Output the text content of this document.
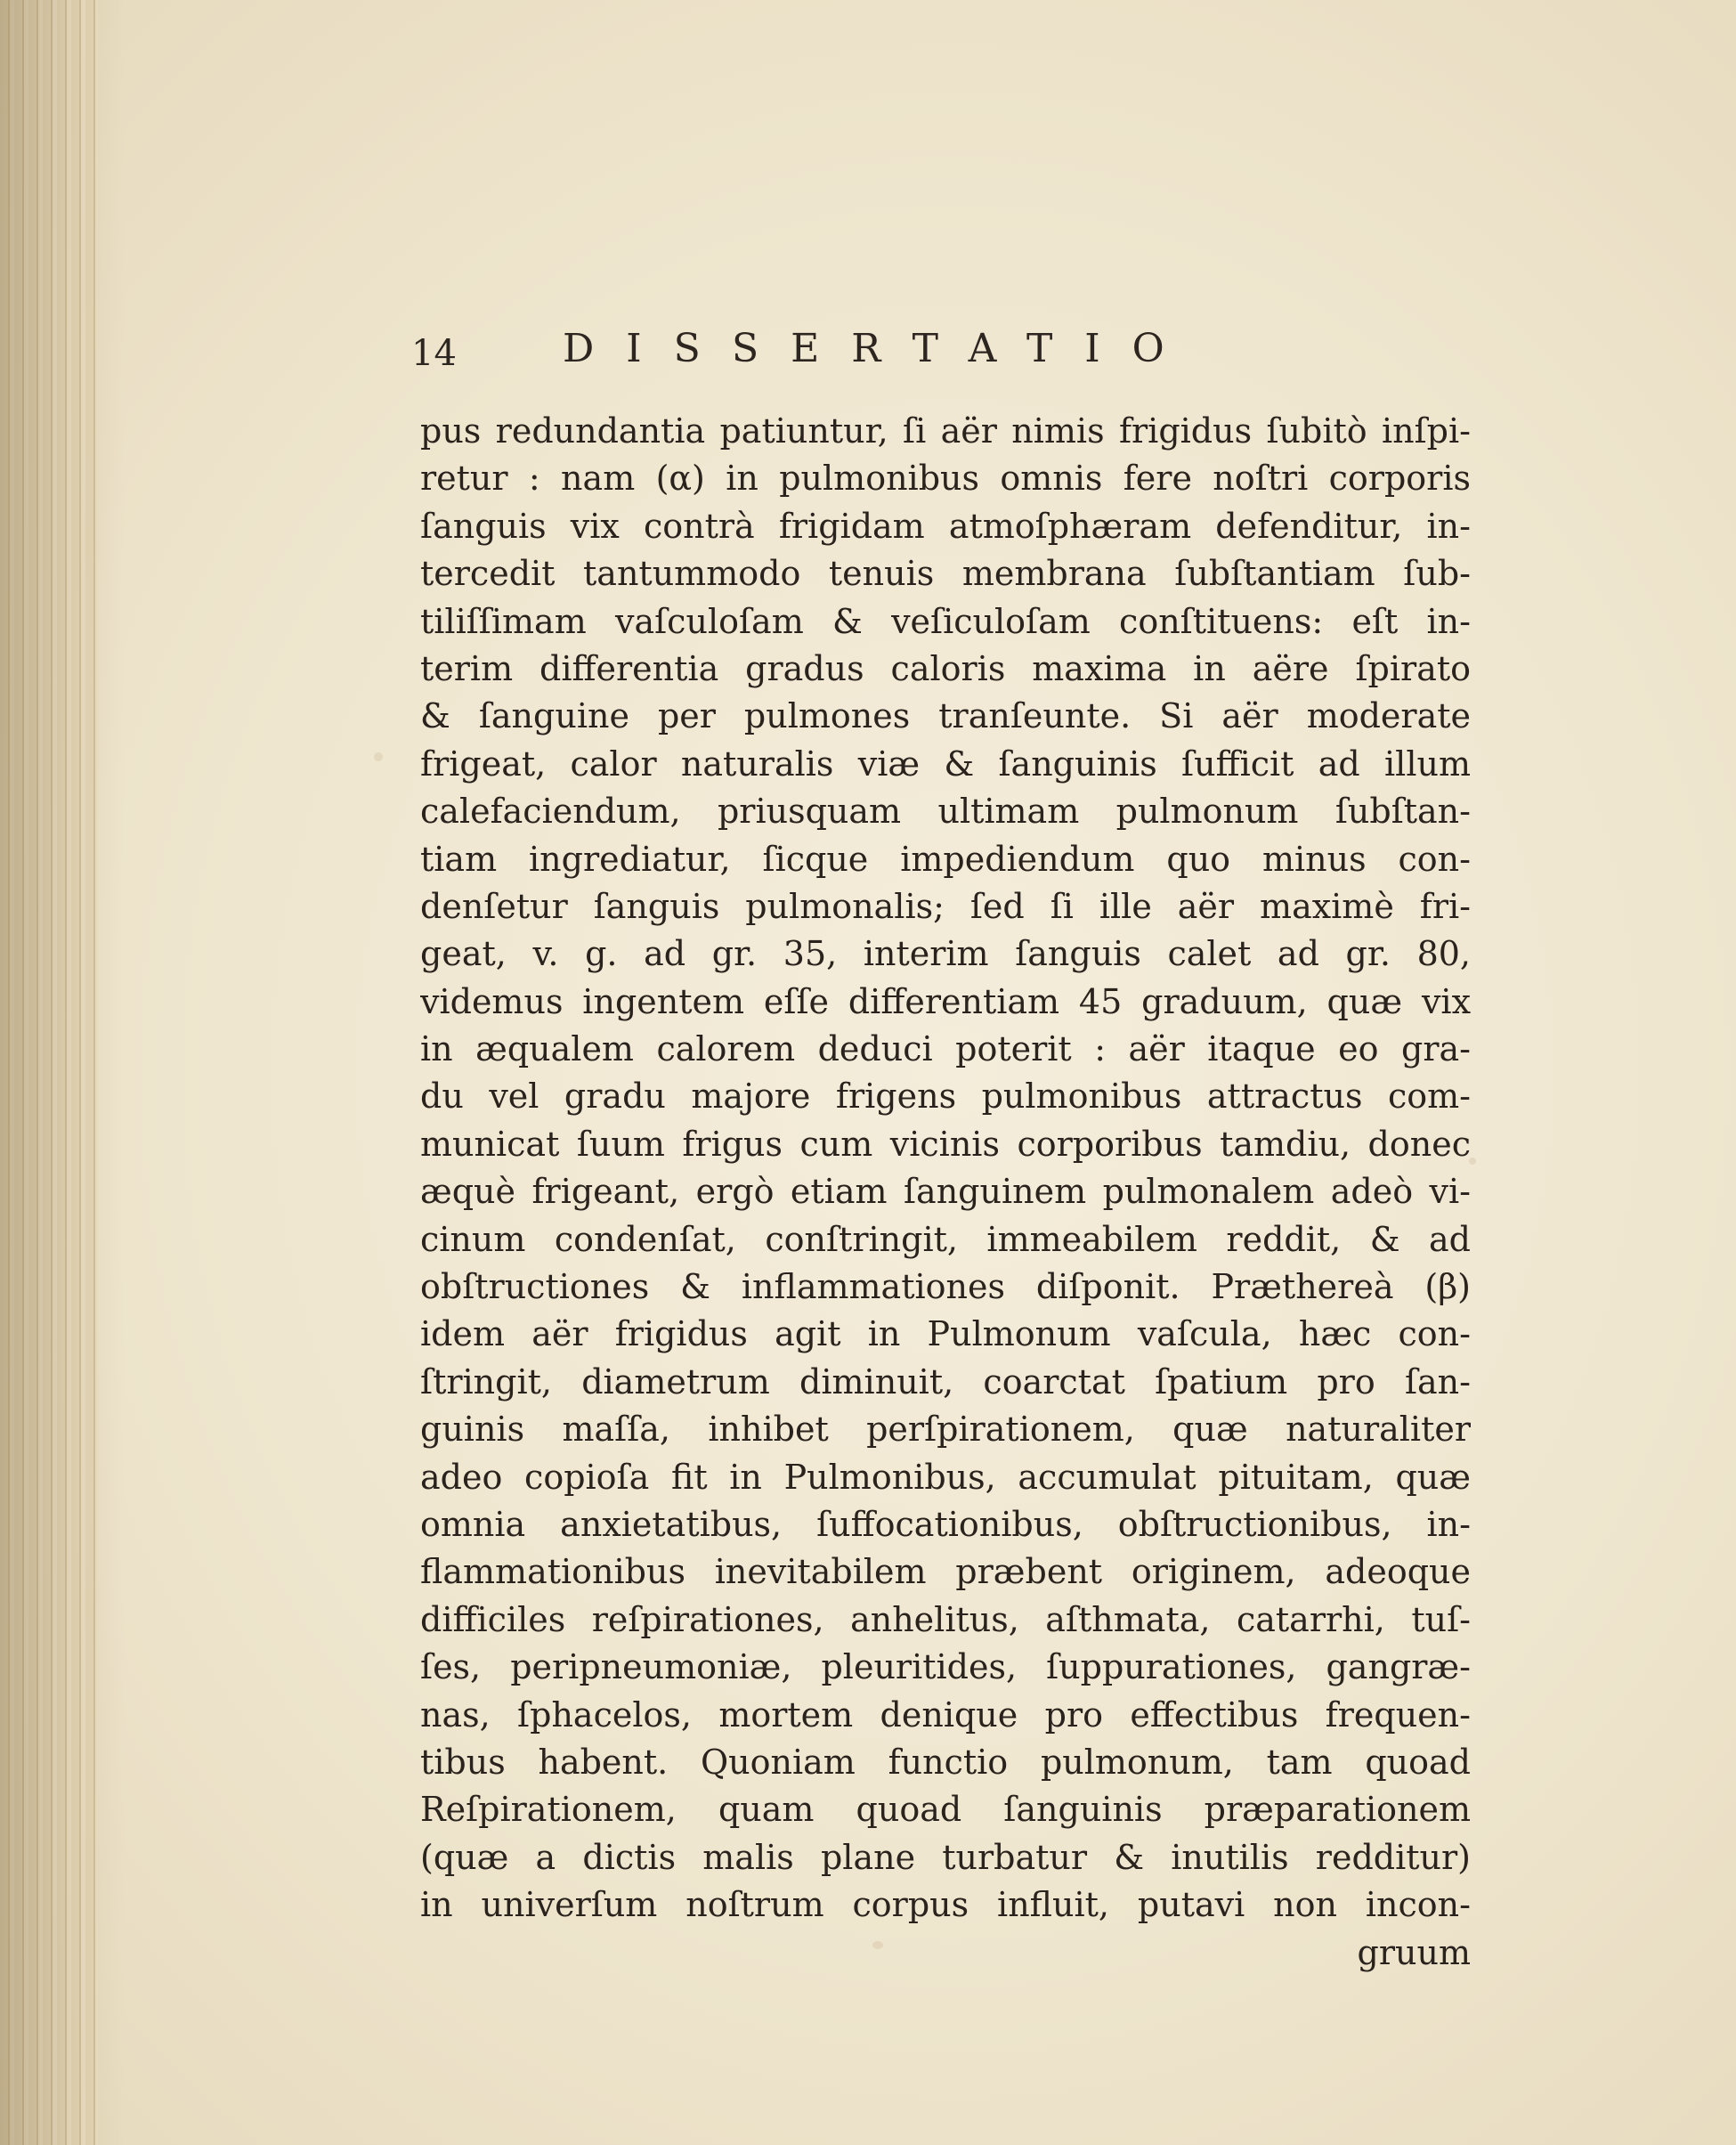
14	DISSERTATIO
pus redundantia patiuntur, ſi aër nimis frigidus ſubitò inſpi-
retur : nam (α) in pulmonibus omnis fere noſtri corporis
ſanguis vix contrà frigidam atmoſphæram defenditur, in-
tercedit tantummodo tenuis membrana ſubſtantiam ſub-
tiliſſimam vaſculoſam & veſiculoſam conſtituens: eſt in-
terim differentia gradus caloris maxima in aëre ſpirato
& ſanguine per pulmones tranſeunte. Si aër moderate
frigeat, calor naturalis viæ & ſanguinis ſufficit ad illum
calefaciendum, priusquam ultimam pulmonum ſubſtan-
tiam ingrediatur, ſicque impediendum quo minus con-
denſetur ſanguis pulmonalis; ſed ſi ille aër maximè fri-
geat, v. g. ad gr. 35, interim ſanguis calet ad gr. 80,
videmus ingentem eſſe differentiam 45 graduum, quæ vix
in æqualem calorem deduci poterit : aër itaque eo gra-
du vel gradu majore frigens pulmonibus attractus com-
municat ſuum frigus cum vicinis corporibus tamdiu, donec
æquè frigeant, ergò etiam ſanguinem pulmonalem adeò vi-
cinum condenſat, conſtringit, immeabilem reddit, & ad
obſtructiones & inflammationes diſponit. Præthereà (β)
idem aër frigidus agit in Pulmonum vaſcula, hæc con-
ſtringit, diametrum diminuit, coarctat ſpatium pro ſan-
guinis maſſa, inhibet perſpirationem, quæ naturaliter
adeo copioſa fit in Pulmonibus, accumulat pituitam, quæ
omnia anxietatibus, ſuffocationibus, obſtructionibus, in-
flammationibus inevitabilem præbent originem, adeoque
difficiles reſpirationes, anhelitus, aſthmata, catarrhi, tuſ-
ſes, peripneumoniæ, pleuritides, ſuppurationes, gangræ-
nas, ſphacelos, mortem denique pro effectibus frequen-
tibus habent. Quoniam functio pulmonum, tam quoad
Reſpirationem, quam quoad ſanguinis præparationem
(quæ a dictis malis plane turbatur & inutilis redditur)
in univerſum noſtrum corpus influit, putavi non incon-
gruum
